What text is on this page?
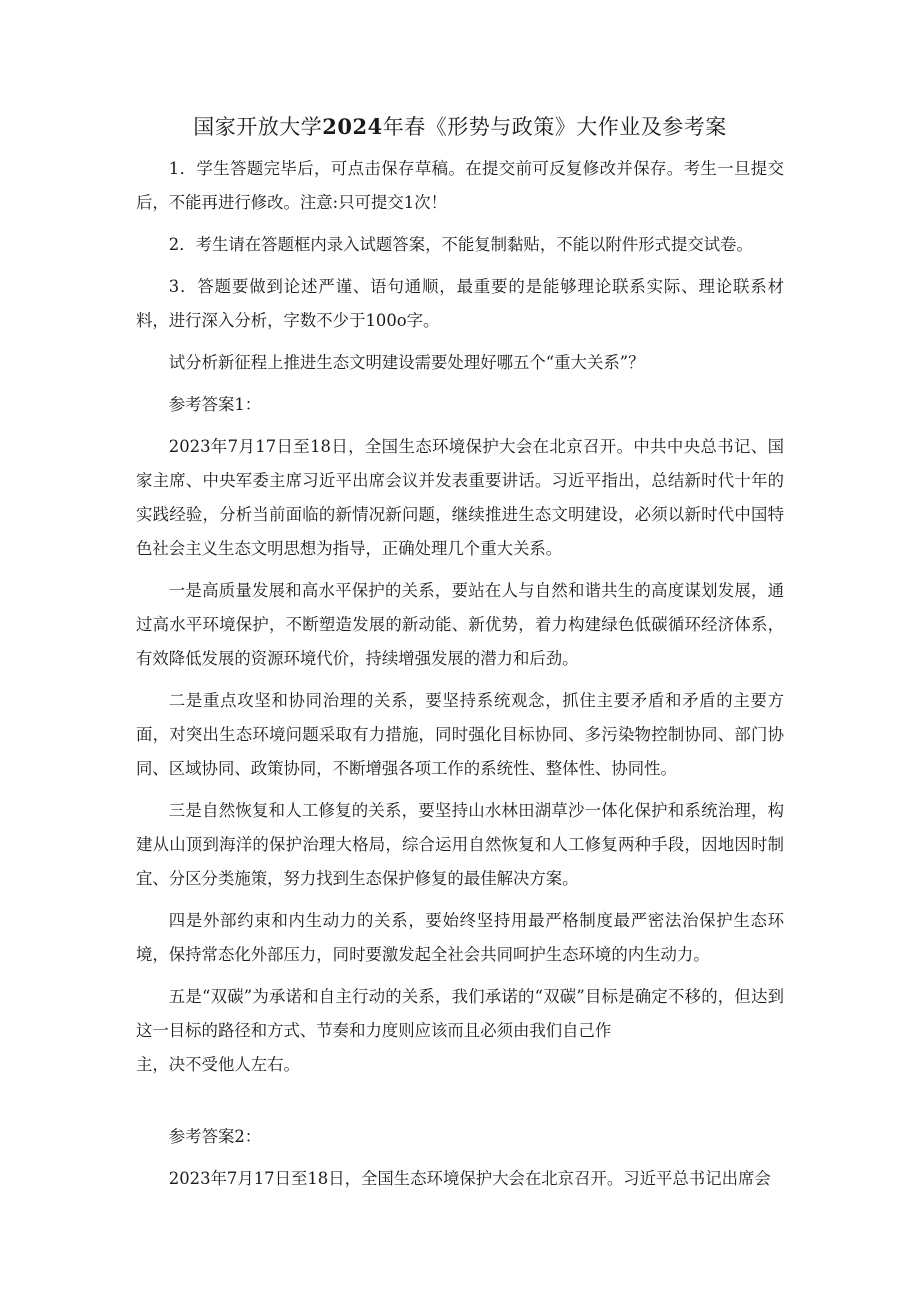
国家开放大学2024年春《形势与政策》大作业及参考案

1．学生答题完毕后，可点击保存草稿。在提交前可反复修改并保存。考生一旦提交后，不能再进行修改。注意:只可提交1次！

2．考生请在答题框内录入试题答案，不能复制黏贴，不能以附件形式提交试卷。

3．答题要做到论述严谨、语句通顺，最重要的是能够理论联系实际、理论联系材料，进行深入分析，字数不少于100o字。

试分析新征程上推进生态文明建设需要处理好哪五个“重大关系”？

参考答案1：

2023年7月17日至18日，全国生态环境保护大会在北京召开。中共中央总书记、国家主席、中央军委主席习近平出席会议并发表重要讲话。习近平指出，总结新时代十年的实践经验，分析当前面临的新情况新问题，继续推进生态文明建设，必须以新时代中国特色社会主义生态文明思想为指导，正确处理几个重大关系。

一是高质量发展和高水平保护的关系，要站在人与自然和谐共生的高度谋划发展，通过高水平环境保护，不断塑造发展的新动能、新优势，着力构建绿色低碳循环经济体系，有效降低发展的资源环境代价，持续增强发展的潜力和后劲。

二是重点攻坚和协同治理的关系，要坚持系统观念，抓住主要矛盾和矛盾的主要方面，对突出生态环境问题采取有力措施，同时强化目标协同、多污染物控制协同、部门协同、区域协同、政策协同，不断增强各项工作的系统性、整体性、协同性。

三是自然恢复和人工修复的关系，要坚持山水林田湖草沙一体化保护和系统治理，构建从山顶到海洋的保护治理大格局，综合运用自然恢复和人工修复两种手段，因地因时制宜、分区分类施策，努力找到生态保护修复的最佳解决方案。

四是外部约束和内生动力的关系，要始终坚持用最严格制度最严密法治保护生态环境，保持常态化外部压力，同时要激发起全社会共同呵护生态环境的内生动力。

五是“双碳”为承诺和自主行动的关系，我们承诺的“双碳”目标是确定不移的，但达到这一目标的路径和方式、节奏和力度则应该而且必须由我们自己作

主，决不受他人左右。

参考答案2：

2023年7月17日至18日，全国生态环境保护大会在北京召开。习近平总书记出席会
